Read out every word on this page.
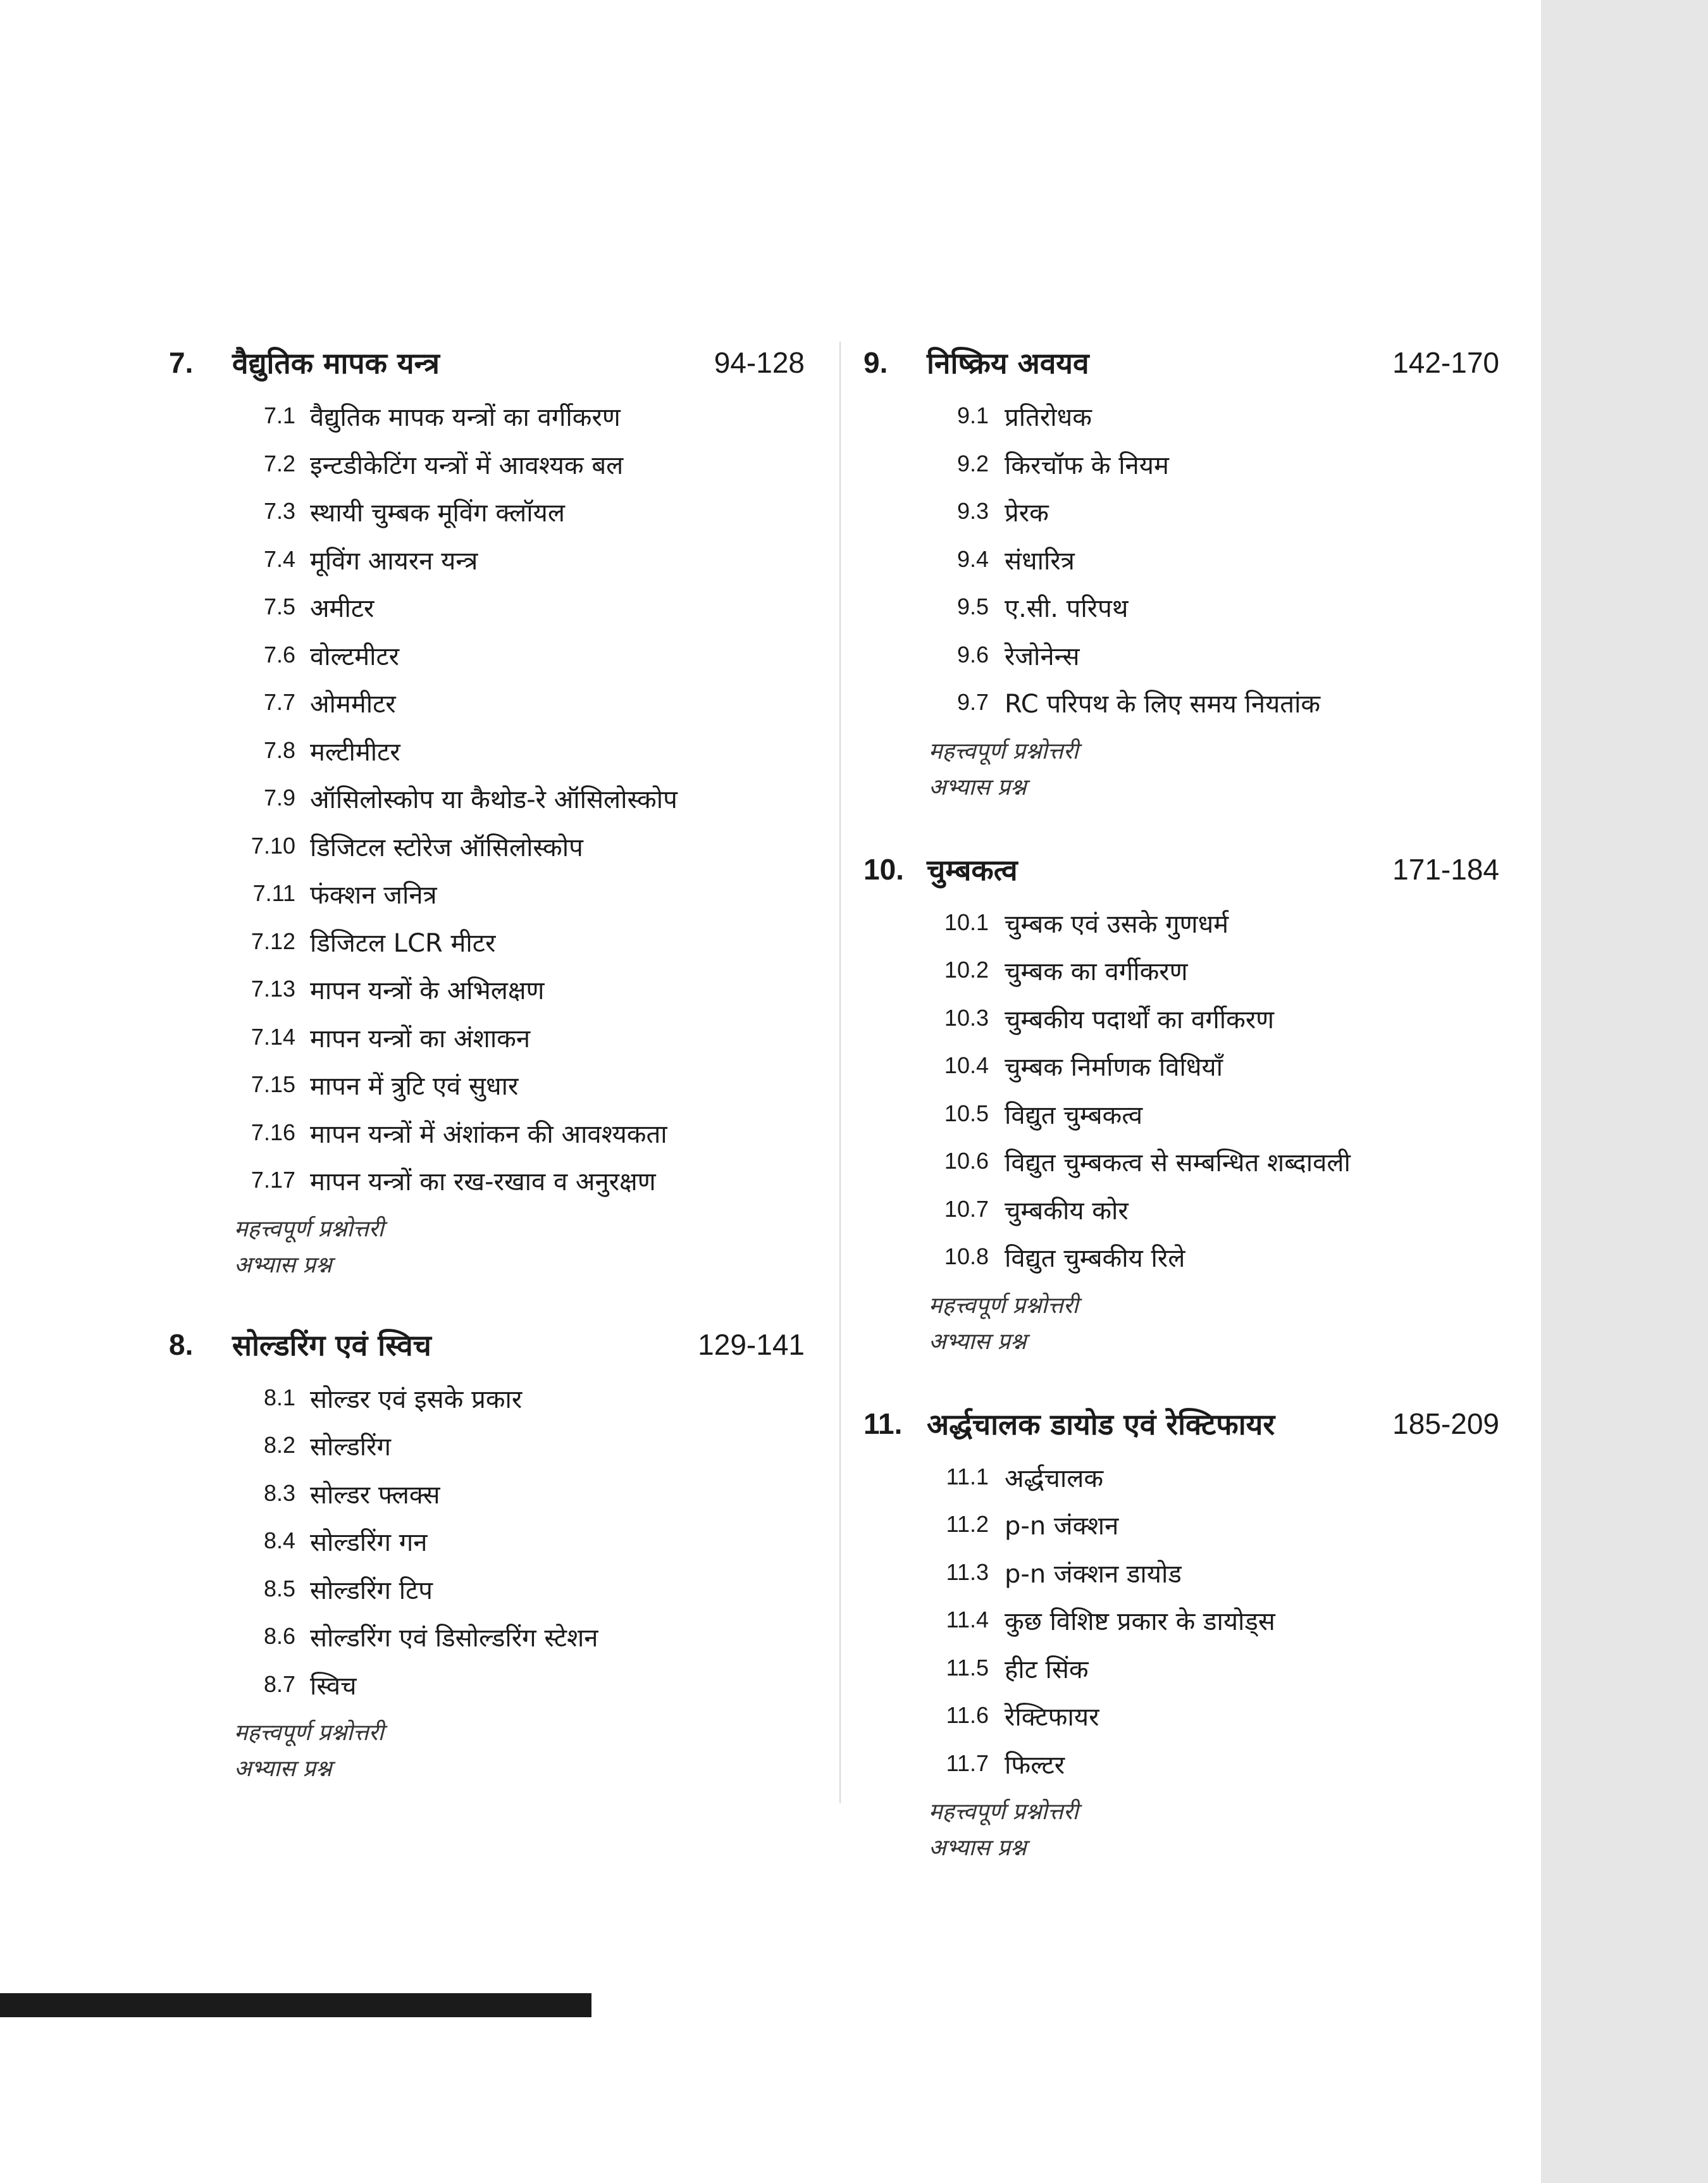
7. वैद्युतिक मापक यन्त्र	94-128
7.1 वैद्युतिक मापक यन्त्रों का वर्गीकरण
7.2 इन्टडीकेटिंग यन्त्रों में आवश्यक बल
7.3 स्थायी चुम्बक मूविंग क्लॉयल
7.4 मूविंग आयरन यन्त्र
7.5 अमीटर
7.6 वोल्टमीटर
7.7 ओममीटर
7.8 मल्टीमीटर
7.9 ऑसिलोस्कोप या कैथोड-रे ऑसिलोस्कोप
7.10 डिजिटल स्टोरेज ऑसिलोस्कोप
7.11 फंक्शन जनित्र
7.12 डिजिटल LCR मीटर
7.13 मापन यन्त्रों के अभिलक्षण
7.14 मापन यन्त्रों का अंशाकन
7.15 मापन में त्रुटि एवं सुधार
7.16 मापन यन्त्रों में अंशांकन की आवश्यकता
7.17 मापन यन्त्रों का रख-रखाव व अनुरक्षण
महत्त्वपूर्ण प्रश्नोत्तरी
अभ्यास प्रश्न
8. सोल्डरिंग एवं स्विच	129-141
8.1 सोल्डर एवं इसके प्रकार
8.2 सोल्डरिंग
8.3 सोल्डर फ्लक्स
8.4 सोल्डरिंग गन
8.5 सोल्डरिंग टिप
8.6 सोल्डरिंग एवं डिसोल्डरिंग स्टेशन
8.7 स्विच
महत्त्वपूर्ण प्रश्नोत्तरी
अभ्यास प्रश्न
9. निष्क्रिय अवयव	142-170
9.1 प्रतिरोधक
9.2 किरचॉफ के नियम
9.3 प्रेरक
9.4 संधारित्र
9.5 ए.सी. परिपथ
9.6 रेजोनेन्स
9.7 RC परिपथ के लिए समय नियतांक
महत्त्वपूर्ण प्रश्नोत्तरी
अभ्यास प्रश्न
10. चुम्बकत्व	171-184
10.1 चुम्बक एवं उसके गुणधर्म
10.2 चुम्बक का वर्गीकरण
10.3 चुम्बकीय पदार्थों का वर्गीकरण
10.4 चुम्बक निर्माणक विधियाँ
10.5 विद्युत चुम्बकत्व
10.6 विद्युत चुम्बकत्व से सम्बन्धित शब्दावली
10.7 चुम्बकीय कोर
10.8 विद्युत चुम्बकीय रिले
महत्त्वपूर्ण प्रश्नोत्तरी
अभ्यास प्रश्न
11. अर्द्धचालक डायोड एवं रेक्टिफायर	185-209
11.1 अर्द्धचालक
11.2 p-n जंक्शन
11.3 p-n जंक्शन डायोड
11.4 कुछ विशिष्ट प्रकार के डायोड्स
11.5 हीट सिंक
11.6 रेक्टिफायर
11.7 फिल्टर
महत्त्वपूर्ण प्रश्नोत्तरी
अभ्यास प्रश्न
